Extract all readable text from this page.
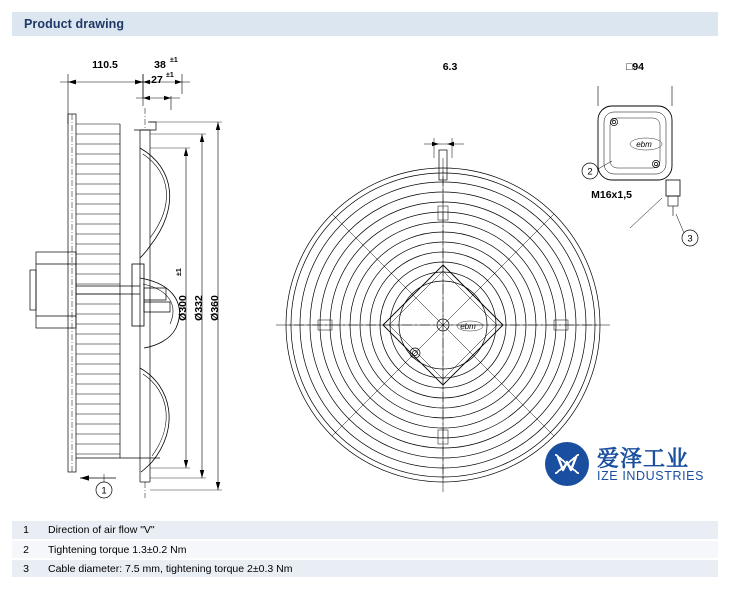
Product drawing
110.5	38
27
6.3	□94
±1
±1
Ø300 Ø332 Ø360
±1
M16x1,5
1
2
3
ebm
ebm
爱泽工业
IZE INDUSTRIES
1	Direction of air flow "V"
2	Tightening torque 1.3±0.2 Nm
3	Cable diameter: 7.5 mm, tightening torque 2±0.3 Nm
